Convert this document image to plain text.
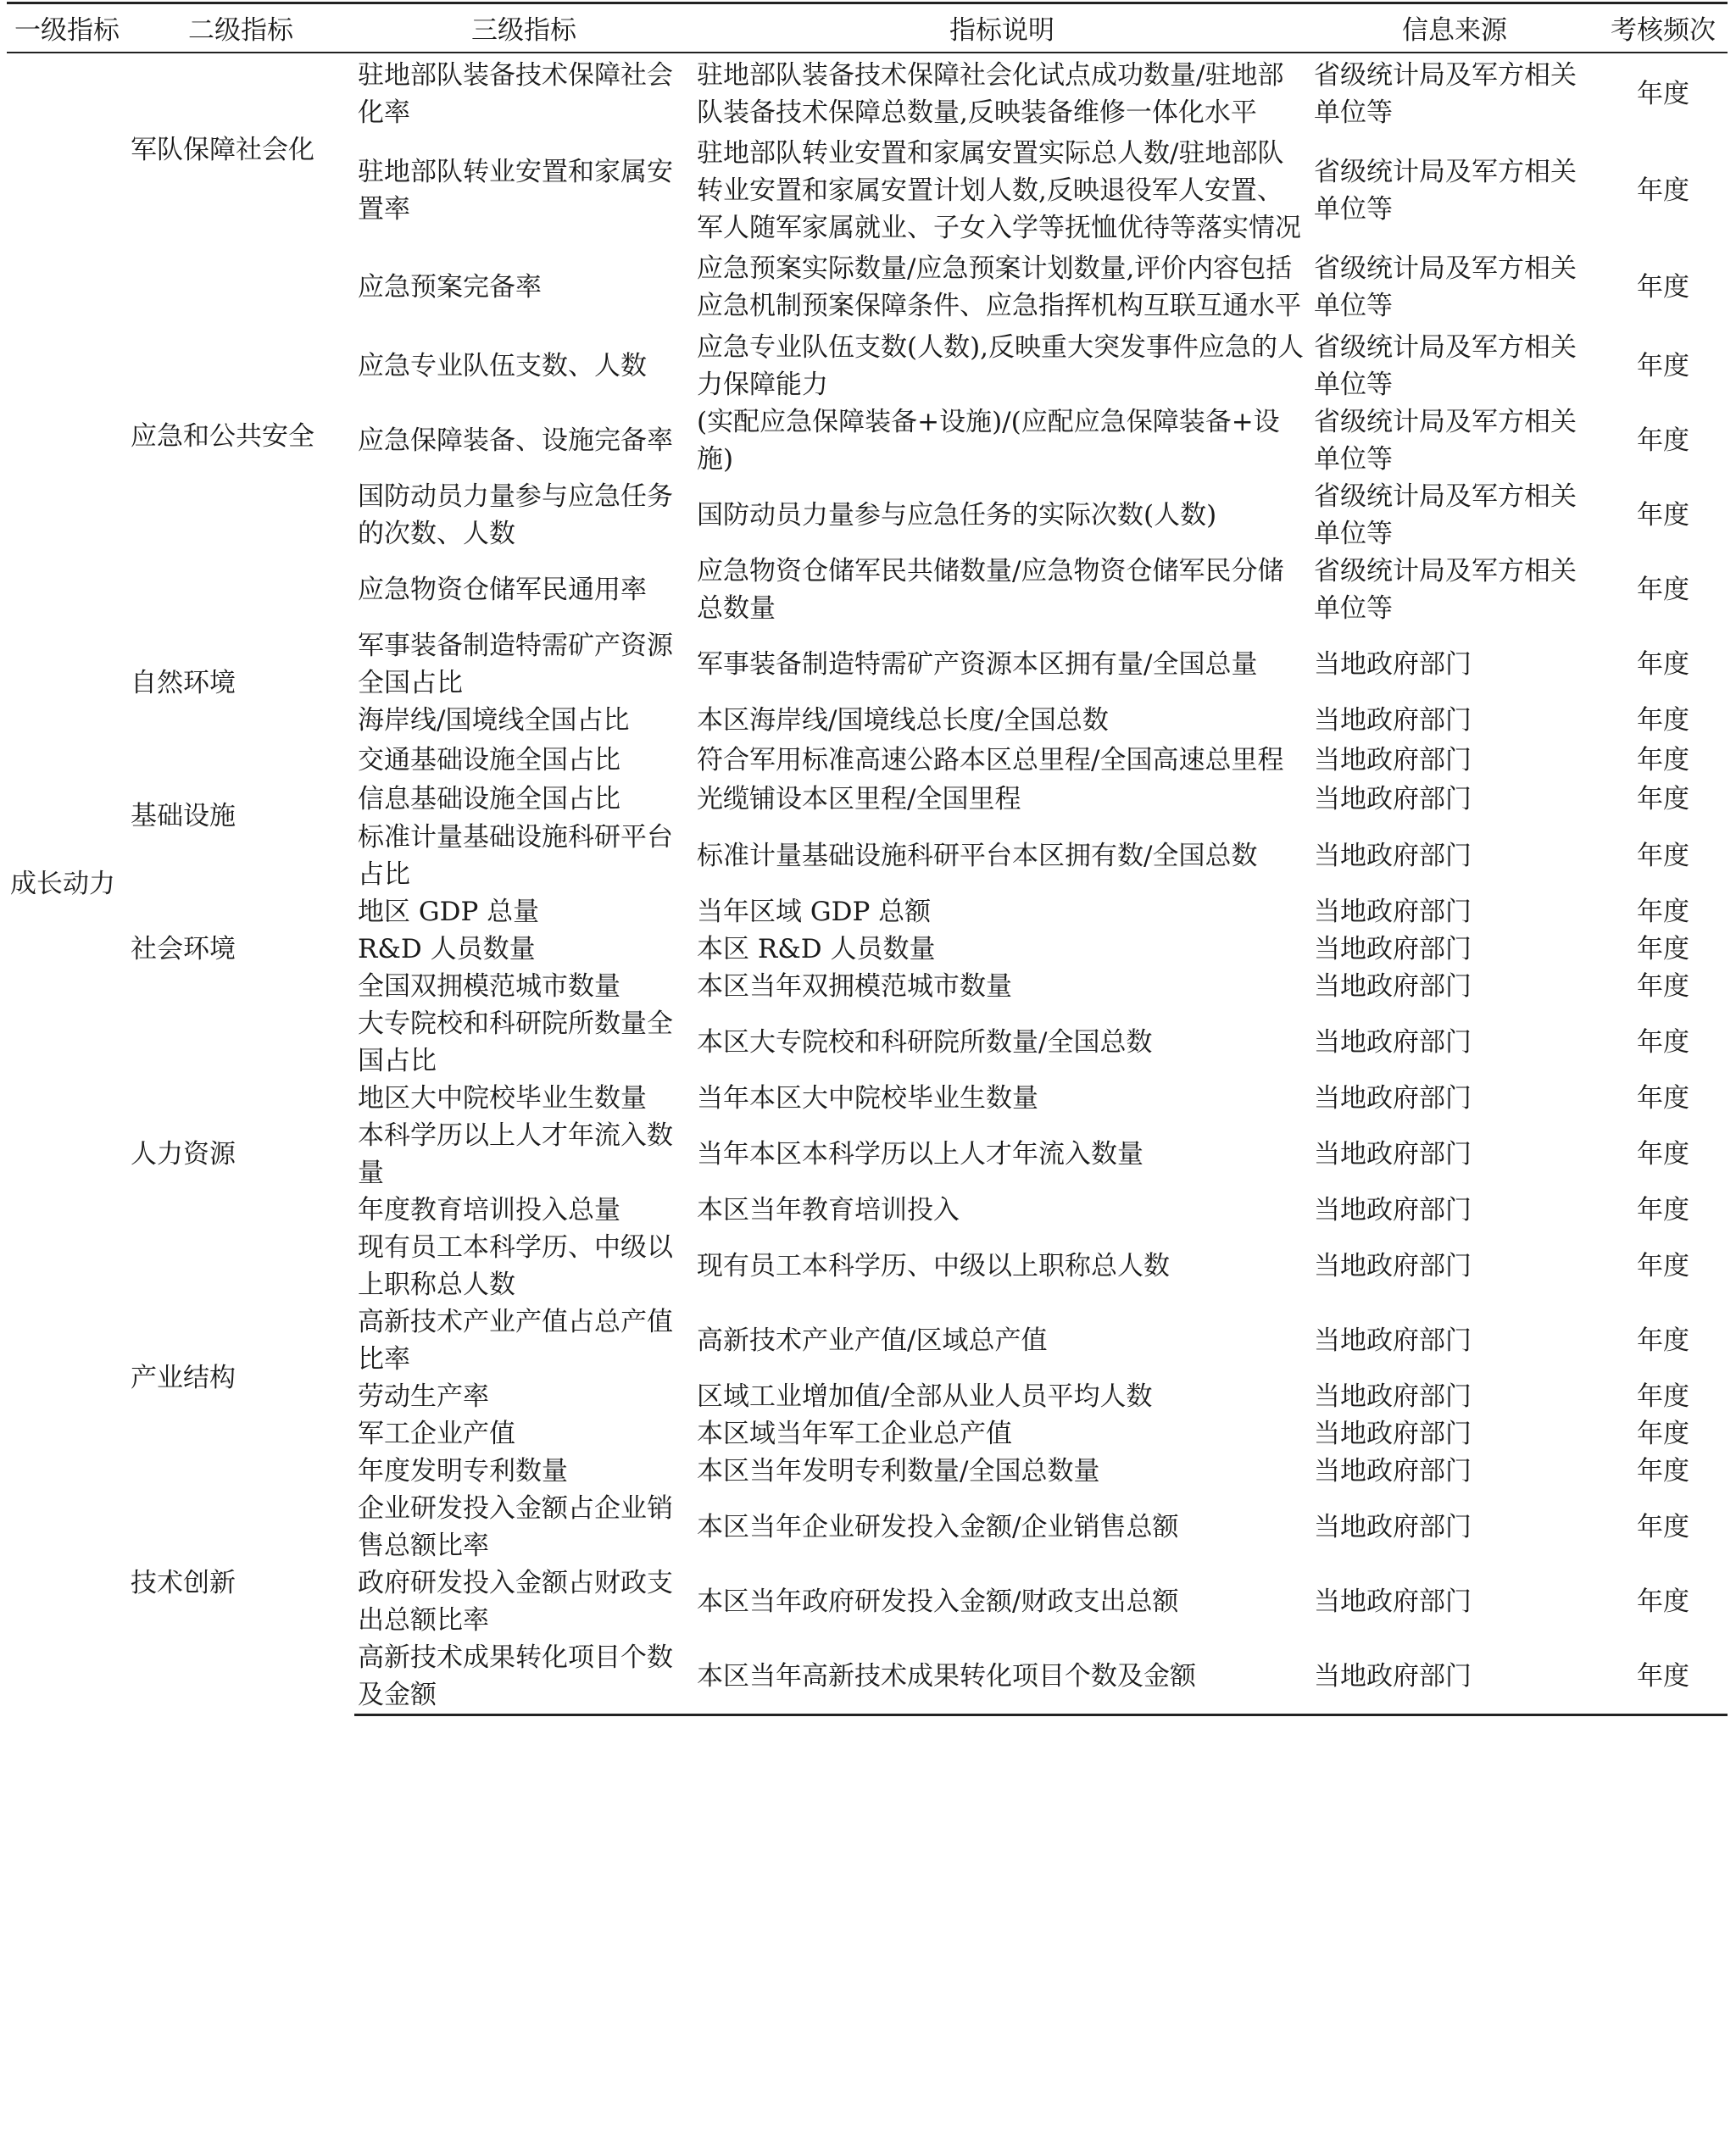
一级指标	二级指标	三级指标	指标说明	信息来源	考核频次
成长动力	军队保障社会化	驻地部队装备技术保障社会化率	驻地部队装备技术保障社会化试点成功数量/驻地部队装备技术保障总数量,反映装备维修一体化水平	省级统计局及军方相关单位等	年度
		驻地部队转业安置和家属安置率	驻地部队转业安置和家属安置实际总人数/驻地部队转业安置和家属安置计划人数,反映退役军人安置、军人随军家属就业、子女入学等抚恤优待等落实情况	省级统计局及军方相关单位等	年度
	应急和公共安全	应急预案完备率	应急预案实际数量/应急预案计划数量,评价内容包括应急机制预案保障条件、应急指挥机构互联互通水平	省级统计局及军方相关单位等	年度
		应急专业队伍支数、人数	应急专业队伍支数(人数),反映重大突发事件应急的人力保障能力	省级统计局及军方相关单位等	年度
		应急保障装备、设施完备率	(实配应急保障装备+设施)/(应配应急保障装备+设施)	省级统计局及军方相关单位等	年度
		国防动员力量参与应急任务的次数、人数	国防动员力量参与应急任务的实际次数(人数)	省级统计局及军方相关单位等	年度
		应急物资仓储军民通用率	应急物资仓储军民共储数量/应急物资仓储军民分储总数量	省级统计局及军方相关单位等	年度
	自然环境	军事装备制造特需矿产资源全国占比	军事装备制造特需矿产资源本区拥有量/全国总量	当地政府部门	年度
		海岸线/国境线全国占比	本区海岸线/国境线总长度/全国总数	当地政府部门	年度
	基础设施	交通基础设施全国占比	符合军用标准高速公路本区总里程/全国高速总里程	当地政府部门	年度
		信息基础设施全国占比	光缆铺设本区里程/全国里程	当地政府部门	年度
		标准计量基础设施科研平台占比	标准计量基础设施科研平台本区拥有数/全国总数	当地政府部门	年度
	社会环境	地区 GDP 总量	当年区域 GDP 总额	当地政府部门	年度
		R&D 人员数量	本区 R&D 人员数量	当地政府部门	年度
		全国双拥模范城市数量	本区当年双拥模范城市数量	当地政府部门	年度
	人力资源	大专院校和科研院所数量全国占比	本区大专院校和科研院所数量/全国总数	当地政府部门	年度
		地区大中院校毕业生数量	当年本区大中院校毕业生数量	当地政府部门	年度
		本科学历以上人才年流入数量	当年本区本科学历以上人才年流入数量	当地政府部门	年度
		年度教育培训投入总量	本区当年教育培训投入	当地政府部门	年度
		现有员工本科学历、中级以上职称总人数	现有员工本科学历、中级以上职称总人数	当地政府部门	年度
	产业结构	高新技术产业产值占总产值比率	高新技术产业产值/区域总产值	当地政府部门	年度
		劳动生产率	区域工业增加值/全部从业人员平均人数	当地政府部门	年度
		军工企业产值	本区域当年军工企业总产值	当地政府部门	年度
	技术创新	年度发明专利数量	本区当年发明专利数量/全国总数量	当地政府部门	年度
		企业研发投入金额占企业销售总额比率	本区当年企业研发投入金额/企业销售总额	当地政府部门	年度
		政府研发投入金额占财政支出总额比率	本区当年政府研发投入金额/财政支出总额	当地政府部门	年度
		高新技术成果转化项目个数及金额	本区当年高新技术成果转化项目个数及金额	当地政府部门	年度
